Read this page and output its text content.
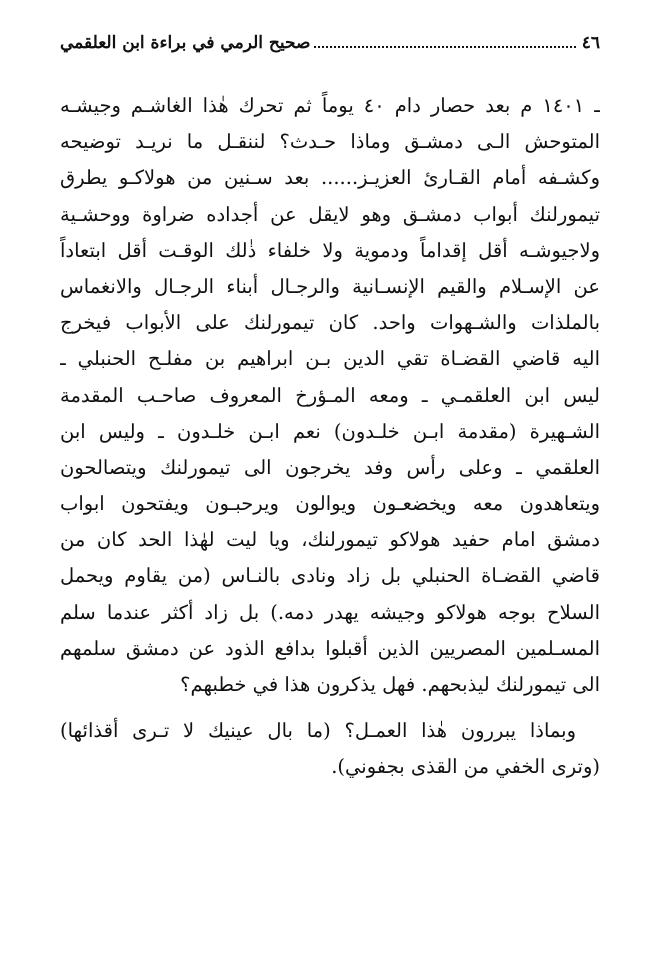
٤٦
صحيح الرمي في براءة ابن العلقمي
ـ ١٤٠١ م بعد حصار دام ٤٠ يوماً ثم تحرك هٰذا الغاشـم وجيشـه
المتوحش الـى دمشـق وماذا حـدث؟ لننقـل ما نريـد توضيحه
وكشـفه أمام القـارئ العزيـز...... بعد سـنين من هولاكـو يطرق
تيمورلنك أبواب دمشـق وهو لايقل عن أجداده ضراوة ووحشـية
ولاجيوشـه أقل إقداماً ودموية ولا خلفاء ذٰلك الوقـت أقل ابتعاداً
عن الإسـلام والقيم الإنسـانية والرجـال أبناء الرجـال والانغماس
بالملذات والشـهوات واحد. كان تيمورلنك على الأبواب فيخرج
اليه قاضي القضـاة تقي الدين بـن ابراهيم بن مفلـح الحنبلي ـ
ليس ابن العلقمـي ـ ومعه المـؤرخ المعروف صاحـب المقدمة
الشـهيرة (مقدمة ابـن خلـدون) نعم ابـن خلـدون ـ وليس ابن
العلقمي ـ وعلى رأس وفد يخرجون الى تيمورلنك ويتصالحون
ويتعاهدون معه ويخضعـون ويوالون ويرحبـون ويفتحون ابواب
دمشق امام حفيد هولاكو تيمورلنك، ويا ليت لهٰذا الحد كان من
قاضي القضـاة الحنبلي بل زاد ونادى بالنـاس (من يقاوم ويحمل
السلاح بوجه هولاكو وجيشه يهدر دمه.) بل زاد أكثر عندما سلم
المسـلمين المصريين الذين أقبلوا بدافع الذود عن دمشق سلمهم
الى تيمورلنك ليذبحهم. فهل يذكرون هذا في خطبهم؟
وبماذا يبررون هٰذا العمـل؟ (ما بال عينيك لا تـرى أقذائها)
(وترى الخفي من القذى بجفوني).
